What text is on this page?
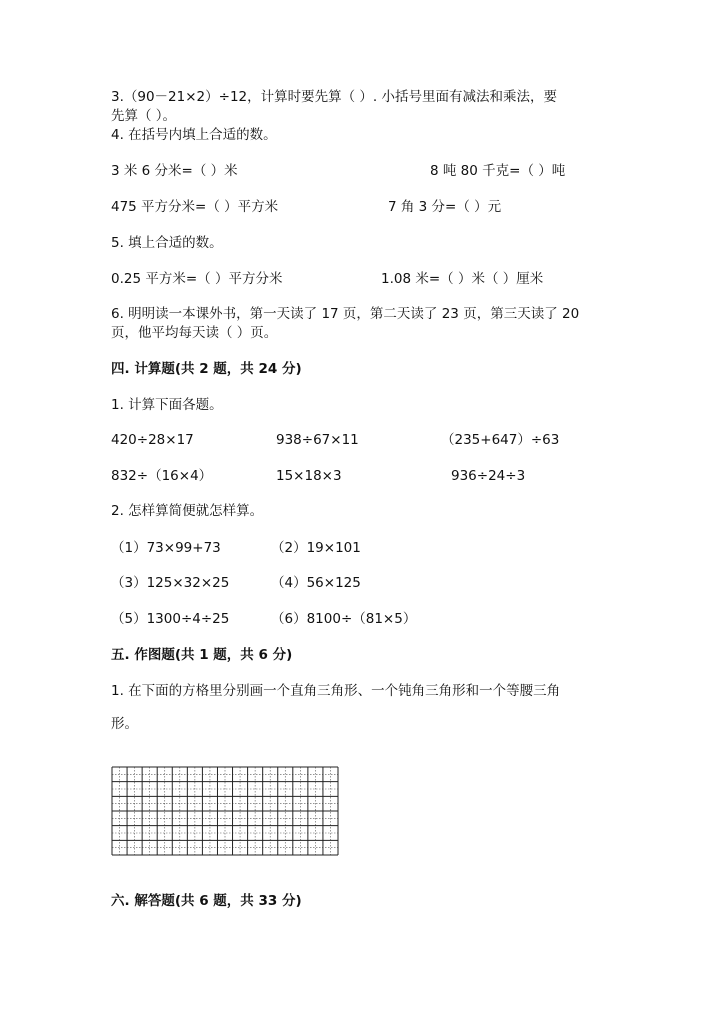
3.（90－21×2）÷12，计算时要先算（ ）. 小括号里面有减法和乘法，要
先算（ ）。
4. 在括号内填上合适的数。
3 米 6 分米=（ ）米	8 吨 80 千克=（ ）吨
475 平方分米=（ ）平方米	7 角 3 分=（ ）元
5. 填上合适的数。
0.25 平方米=（ ）平方分米	1.08 米=（ ）米（ ）厘米
6. 明明读一本课外书，第一天读了 17 页，第二天读了 23 页，第三天读了 20
页，他平均每天读（ ）页。
四. 计算题(共 2 题，共 24 分)
1. 计算下面各题。
420÷28×17	938÷67×11	（235+647）÷63
832÷（16×4）	15×18×3	936÷24÷3
2. 怎样算简便就怎样算。
（1）73×99+73	（2）19×101
（3）125×32×25	（4）56×125
（5）1300÷4÷25	（6）8100÷（81×5）
五. 作图题(共 1 题，共 6 分)
1. 在下面的方格里分别画一个直角三角形、一个钝角三角形和一个等腰三角
形。
六. 解答题(共 6 题，共 33 分)
